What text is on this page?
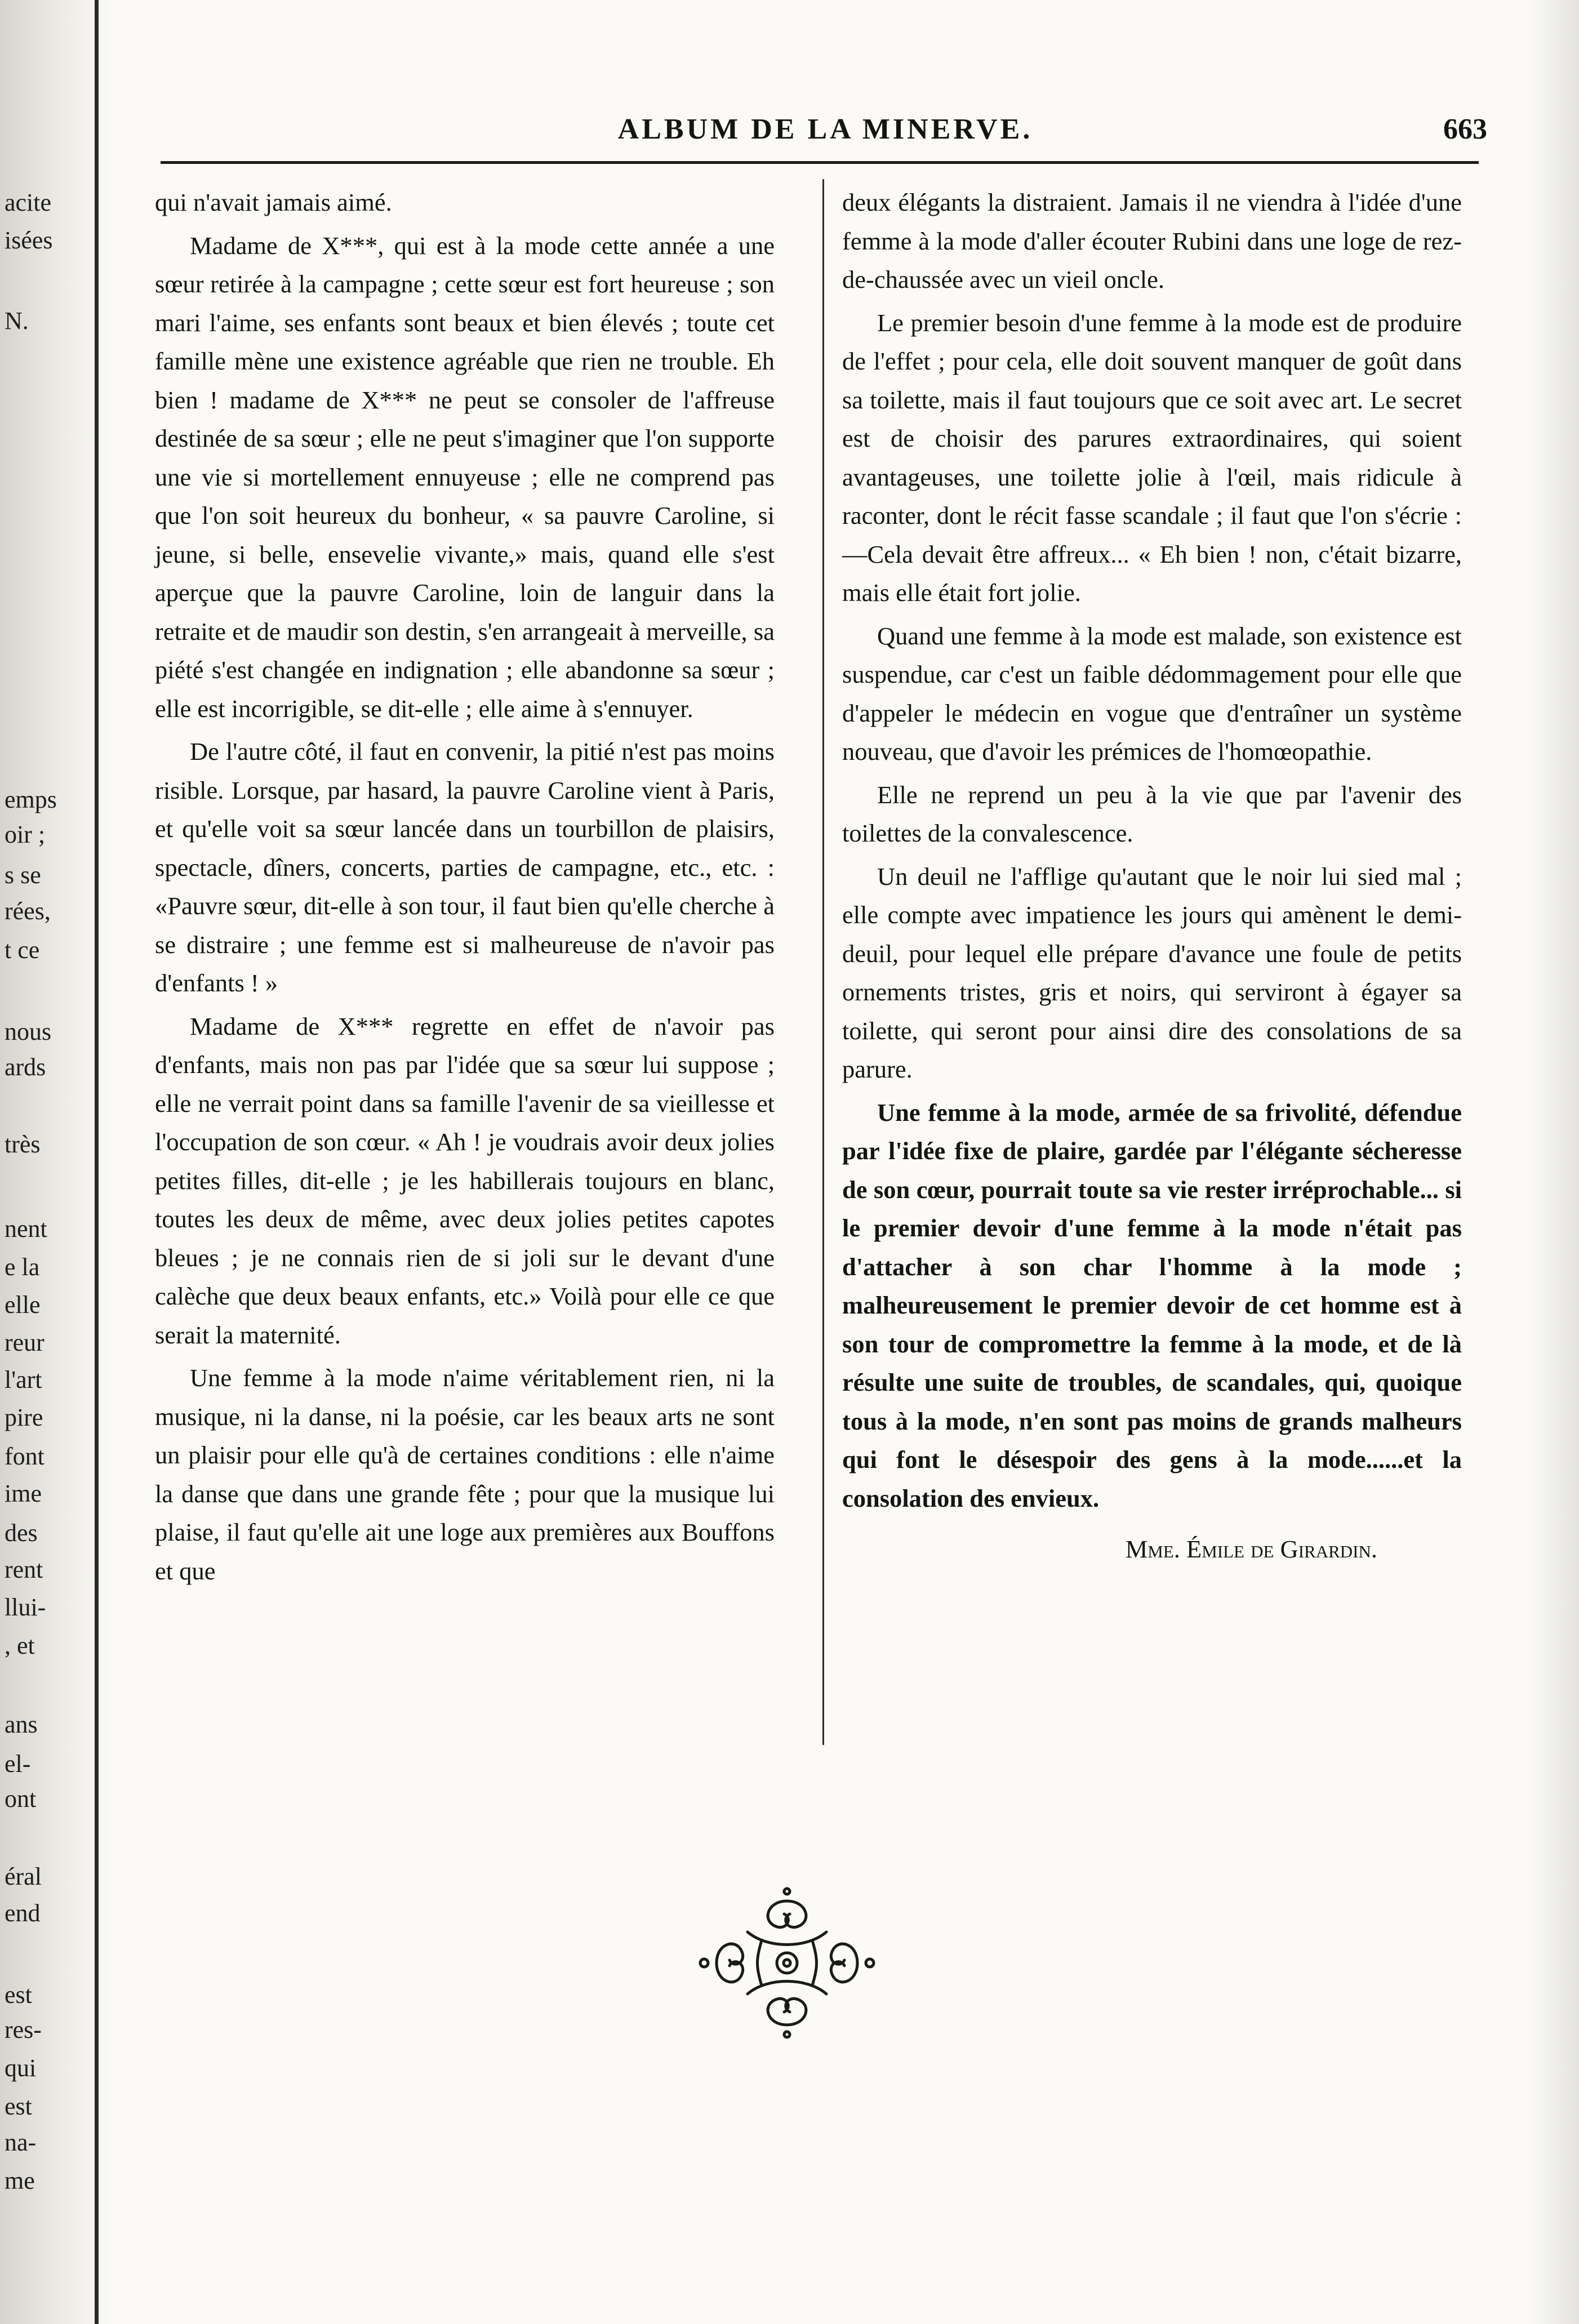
acite
isées
N.
emps
oir ;
s se
rées,
t ce
nous
ards
très
nent
e la
elle
reur
l'art
pire
font
ime
des
rent
llui-
, et
ans
el-
ont
éral
end
est
res-
qui
est
na-
me
ALBUM DE LA MINERVE.	663

qui n'avait jamais aimé.

Madame de X***, qui est à la mode cette année a une sœur retirée à la campagne ; cette sœur est fort heureuse ; son mari l'aime, ses enfants sont beaux et bien élevés ; toute cet famille mène une existence agréable que rien ne trouble. Eh bien ! madame de X*** ne peut se consoler de l'affreuse destinée de sa sœur ; elle ne peut s'imaginer que l'on supporte une vie si mortellement ennuyeuse ; elle ne comprend pas que l'on soit heureux du bonheur, « sa pauvre Caroline, si jeune, si belle, ensevelie vivante,» mais, quand elle s'est aperçue que la pauvre Caroline, loin de languir dans la retraite et de maudir son destin, s'en arrangeait à merveille, sa piété s'est changée en indignation ; elle abandonne sa sœur ; elle est incorrigible, se dit-elle ; elle aime à s'ennuyer.

De l'autre côté, il faut en convenir, la pitié n'est pas moins risible. Lorsque, par hasard, la pauvre Caroline vient à Paris, et qu'elle voit sa sœur lancée dans un tourbillon de plaisirs, spectacle, dîners, concerts, parties de campagne, etc., etc. : «Pauvre sœur, dit-elle à son tour, il faut bien qu'elle cherche à se distraire ; une femme est si malheureuse de n'avoir pas d'enfants ! »

Madame de X*** regrette en effet de n'avoir pas d'enfants, mais non pas par l'idée que sa sœur lui suppose ; elle ne verrait point dans sa famille l'avenir de sa vieillesse et l'occupation de son cœur. « Ah ! je voudrais avoir deux jolies petites filles, dit-elle ; je les habillerais toujours en blanc, toutes les deux de même, avec deux jolies petites capotes bleues ; je ne connais rien de si joli sur le devant d'une calèche que deux beaux enfants, etc.» Voilà pour elle ce que serait la maternité.

Une femme à la mode n'aime véritablement rien, ni la musique, ni la danse, ni la poésie, car les beaux arts ne sont un plaisir pour elle qu'à de certaines conditions : elle n'aime la danse que dans une grande fête ; pour que la musique lui plaise, il faut qu'elle ait une loge aux premières aux Bouffons et que

deux élégants la distraient. Jamais il ne viendra à l'idée d'une femme à la mode d'aller écouter Rubini dans une loge de rez-de-chaussée avec un vieil oncle.

Le premier besoin d'une femme à la mode est de produire de l'effet ; pour cela, elle doit souvent manquer de goût dans sa toilette, mais il faut toujours que ce soit avec art. Le secret est de choisir des parures extraordinaires, qui soient avantageuses, une toilette jolie à l'œil, mais ridicule à raconter, dont le récit fasse scandale ; il faut que l'on s'écrie :—Cela devait être affreux... « Eh bien ! non, c'était bizarre, mais elle était fort jolie.

Quand une femme à la mode est malade, son existence est suspendue, car c'est un faible dédommagement pour elle que d'appeler le médecin en vogue que d'entraîner un système nouveau, que d'avoir les prémices de l'homœopathie.

Elle ne reprend un peu à la vie que par l'avenir des toilettes de la convalescence.

Un deuil ne l'afflige qu'autant que le noir lui sied mal ; elle compte avec impatience les jours qui amènent le demi-deuil, pour lequel elle prépare d'avance une foule de petits ornements tristes, gris et noirs, qui serviront à égayer sa toilette, qui seront pour ainsi dire des consolations de sa parure.

Une femme à la mode, armée de sa frivolité, défendue par l'idée fixe de plaire, gardée par l'élégante sécheresse de son cœur, pourrait toute sa vie rester irréprochable... si le premier devoir d'une femme à la mode n'était pas d'attacher à son char l'homme à la mode ; malheureusement le premier devoir de cet homme est à son tour de compromettre la femme à la mode, et de là résulte une suite de troubles, de scandales, qui, quoique tous à la mode, n'en sont pas moins de grands malheurs qui font le désespoir des gens à la mode......et la consolation des envieux.

Mme. Émile de Girardin.
